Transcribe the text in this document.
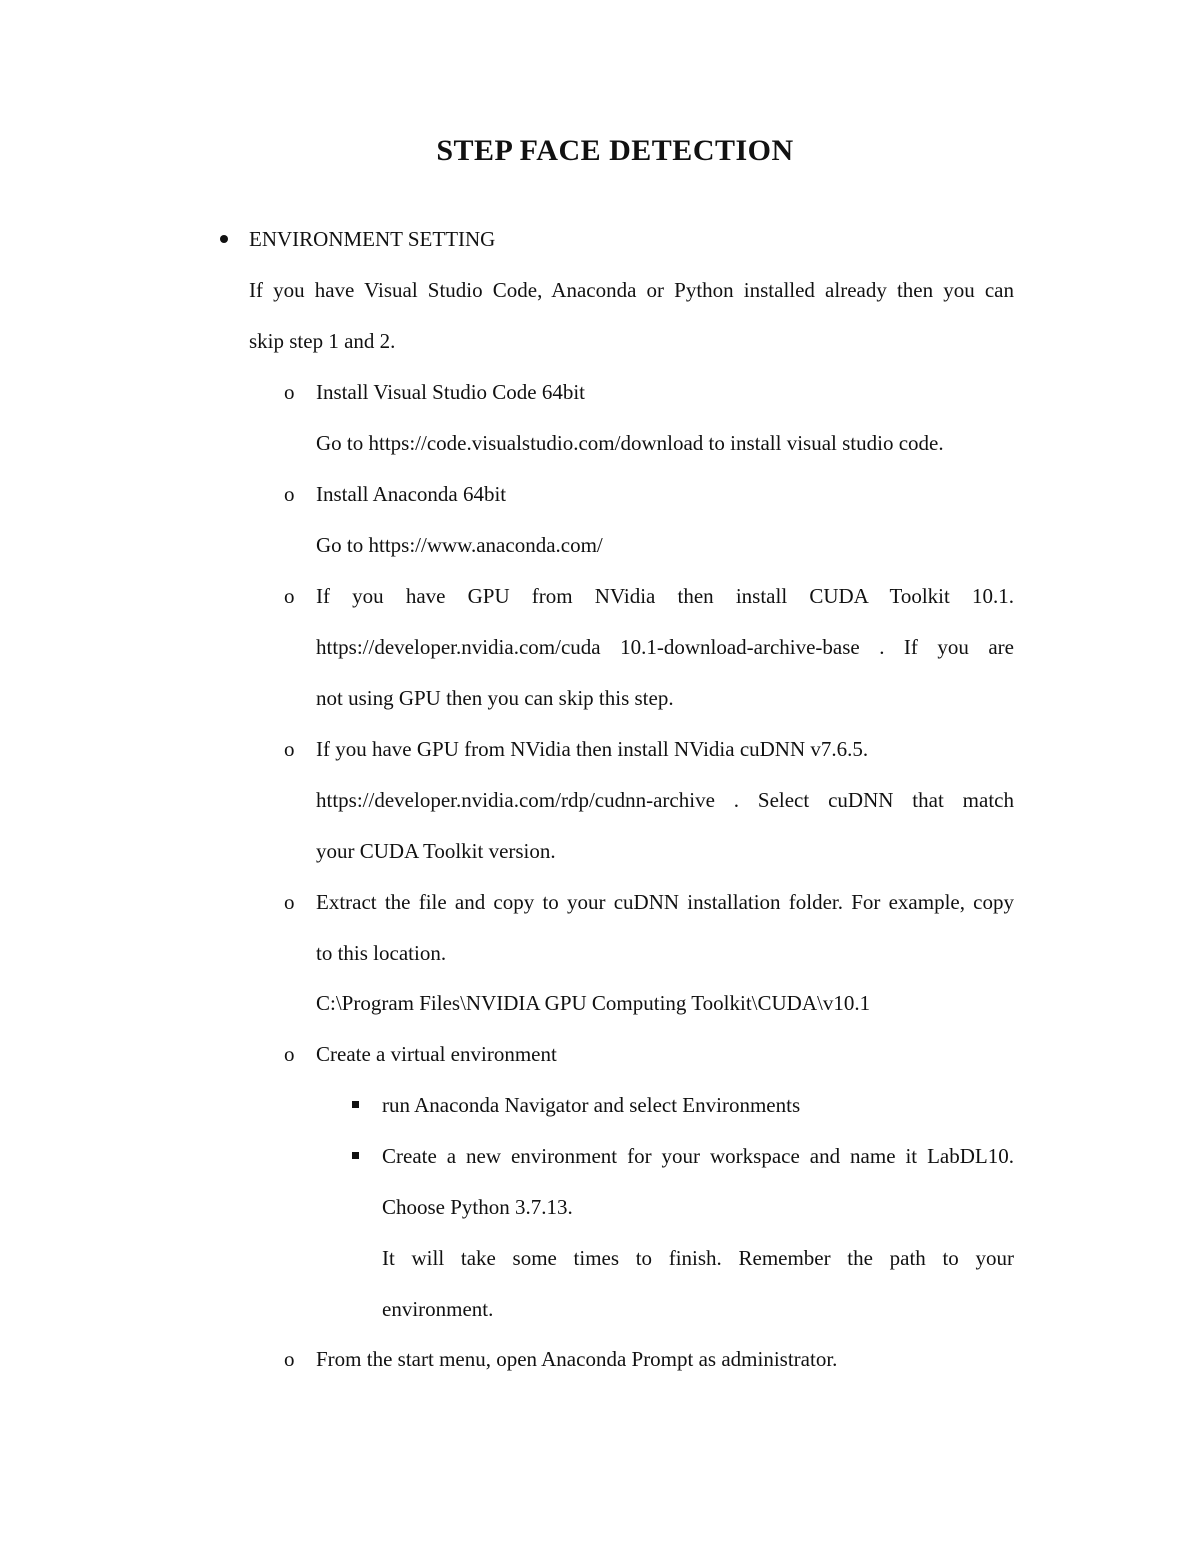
STEP FACE DETECTION
ENVIRONMENT SETTING
If you have Visual Studio Code, Anaconda or Python installed already then you can
skip step 1 and 2.
o Install Visual Studio Code 64bit
Go to https://code.visualstudio.com/download to install visual studio code.
o Install Anaconda 64bit
Go to https://www.anaconda.com/
o If you have GPU from NVidia then install CUDA Toolkit 10.1.
https://developer.nvidia.com/cuda 10.1-download-archive-base . If you are
not using GPU then you can skip this step.
o If you have GPU from NVidia then install NVidia cuDNN v7.6.5.
https://developer.nvidia.com/rdp/cudnn-archive . Select cuDNN that match
your CUDA Toolkit version.
o Extract the file and copy to your cuDNN installation folder. For example, copy
to this location.
C:\Program Files\NVIDIA GPU Computing Toolkit\CUDA\v10.1
o Create a virtual environment
run Anaconda Navigator and select Environments
Create a new environment for your workspace and name it LabDL10.
Choose Python 3.7.13.
It will take some times to finish. Remember the path to your
environment.
o From the start menu, open Anaconda Prompt as administrator.
